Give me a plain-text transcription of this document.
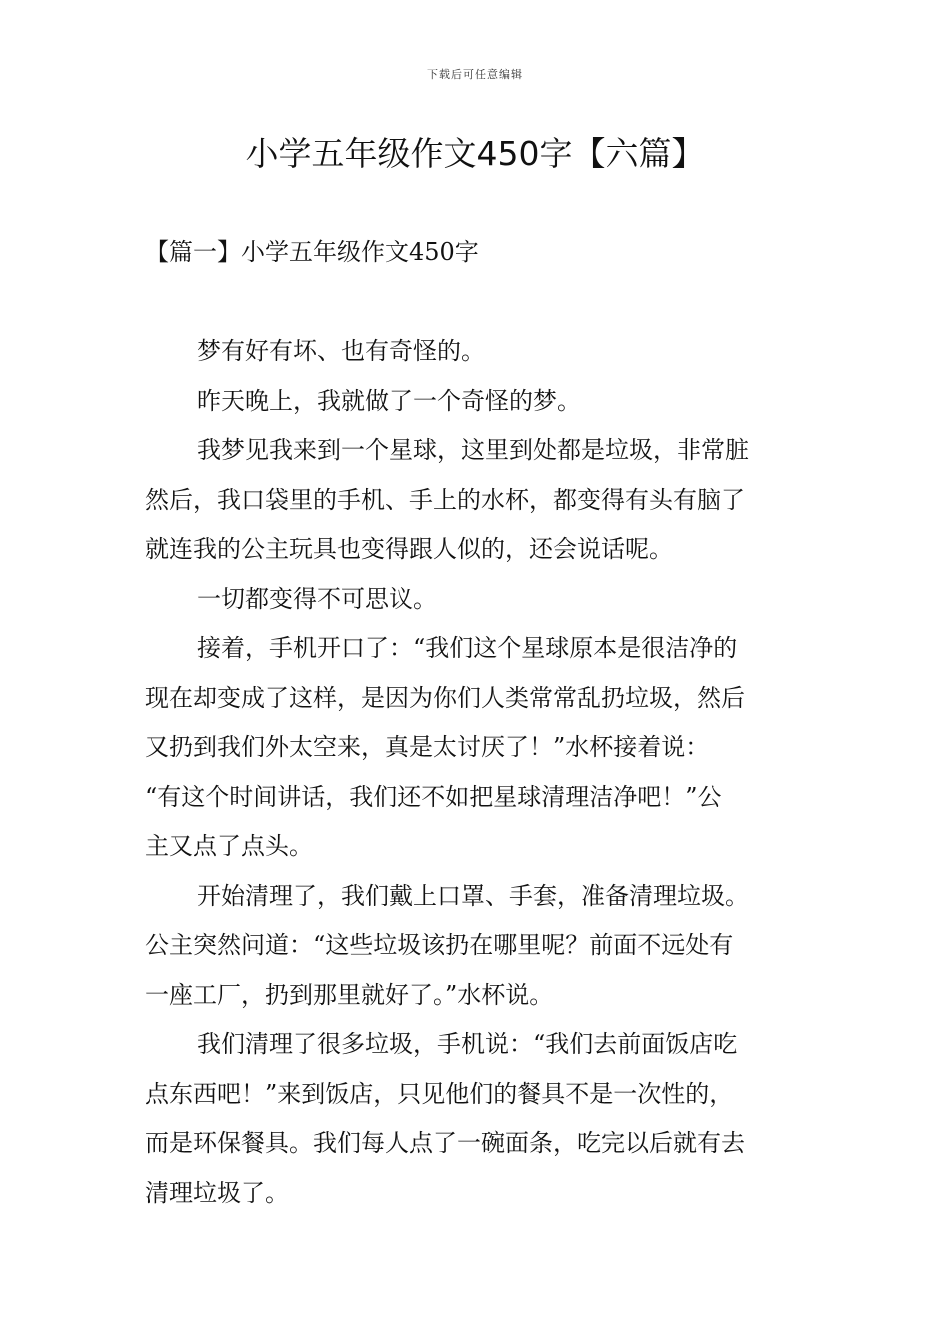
下载后可任意编辑
小学五年级作文450字【六篇】
【篇一】小学五年级作文450字
梦有好有坏、也有奇怪的。
昨天晚上，我就做了一个奇怪的梦。
我梦见我来到一个星球，这里到处都是垃圾，非常脏
然后，我口袋里的手机、手上的水杯，都变得有头有脑了
就连我的公主玩具也变得跟人似的，还会说话呢。
一切都变得不可思议。
接着，手机开口了：“我们这个星球原本是很洁净的
现在却变成了这样，是因为你们人类常常乱扔垃圾，然后
又扔到我们外太空来，真是太讨厌了！”水杯接着说：
“有这个时间讲话，我们还不如把星球清理洁净吧！”公
主又点了点头。
开始清理了，我们戴上口罩、手套，准备清理垃圾。
公主突然问道：“这些垃圾该扔在哪里呢？前面不远处有
一座工厂，扔到那里就好了。”水杯说。
我们清理了很多垃圾，手机说：“我们去前面饭店吃
点东西吧！”来到饭店，只见他们的餐具不是一次性的，
而是环保餐具。我们每人点了一碗面条，吃完以后就有去
清理垃圾了。
